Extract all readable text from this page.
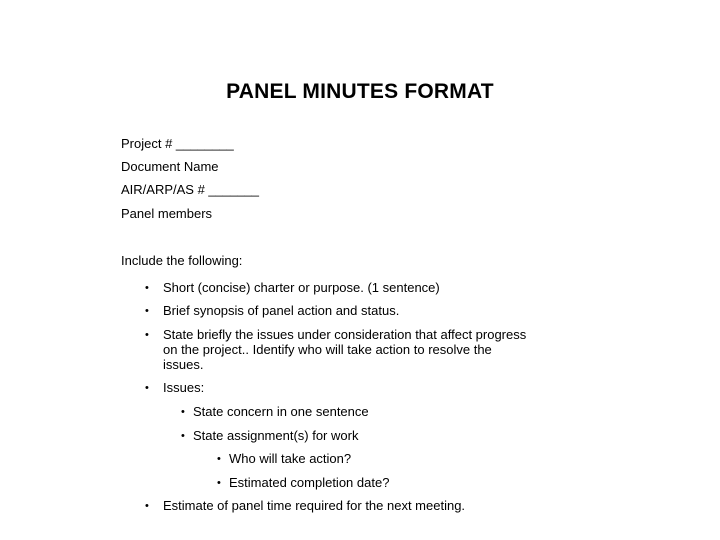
PANEL MINUTES FORMAT
Project # ________
Document Name
AIR/ARP/AS # _______
Panel members
Include the following:
• Short (concise) charter or purpose. (1 sentence)
• Brief synopsis of panel action and status.
• State briefly the issues under consideration that affect progress
on the project.. Identify who will take action to resolve the
issues.
• Issues:
• State concern in one sentence
• State assignment(s) for work
• Who will take action?
• Estimated completion date?
• Estimate of panel time required for the next meeting.
